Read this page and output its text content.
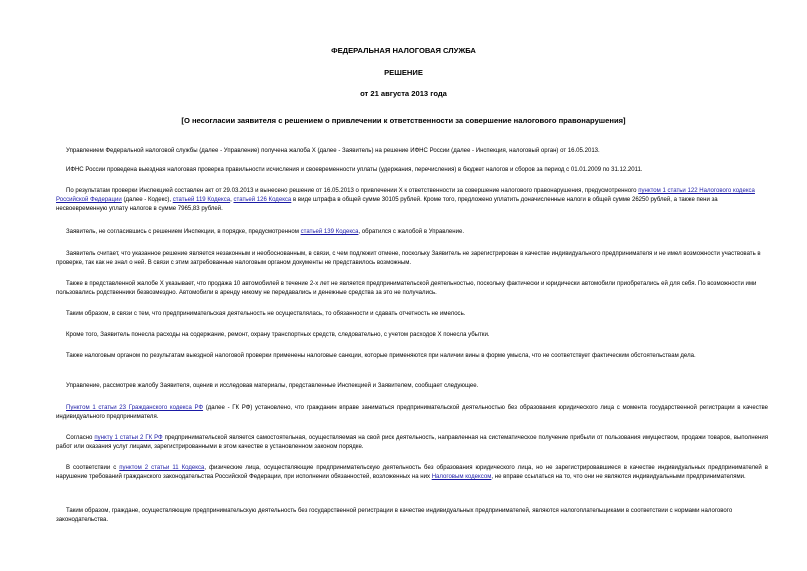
ФЕДЕРАЛЬНАЯ НАЛОГОВАЯ СЛУЖБА
РЕШЕНИЕ
от 21 августа 2013 года
[О несогласии заявителя с решением о привлечении к ответственности за совершение налогового правонарушения]

Управлением Федеральной налоговой службы (далее - Управление) получена жалоба Х (далее - Заявитель) на решение ИФНС России (далее - Инспекция, налоговый орган) от 16.05.2013.

ИФНС России проведена выездная налоговая проверка правильности исчисления и своевременности уплаты (удержания, перечисления) в бюджет налогов и сборов за период с 01.01.2009 по 31.12.2011.

По результатам проверки Инспекцией составлен акт от 29.03.2013 и вынесено решение от 16.05.2013 о привлечении Х к ответственности за совершение налогового правонарушения, предусмотренного пунктом 1 статьи 122 Налогового кодекса Российской Федерации (далее - Кодекс), статьей 119 Кодекса, статьей 126 Кодекса в виде штрафа в общей сумме 30105 рублей. Кроме того, предложено уплатить доначисленные налоги в общей сумме 26250 рублей, а также пени за несвоевременную уплату налогов в сумме 7965,83 рублей.

Заявитель, не согласившись с решением Инспекции, в порядке, предусмотренном статьей 139 Кодекса, обратился с жалобой в Управление.

Заявитель считает, что указанное решение является незаконным и необоснованным, в связи, с чем подлежит отмене, поскольку Заявитель не зарегистрирован в качестве индивидуального предпринимателя и не имел возможности участвовать в проверке, так как не знал о ней. В связи с этим затребованные налоговым органом документы не представилось возможным.

Также в представленной жалобе Х указывает, что продажа 10 автомобилей в течение 2-х лет не является предпринимательской деятельностью, поскольку фактически и юридически автомобили приобретались ей для себя. По возможности ими пользовались родственники безвозмездно. Автомобили в аренду никому не передавались и денежные средства за это не получались.

Таким образом, в связи с тем, что предпринимательская деятельность не осуществлялась, то обязанности и сдавать отчетность не имелось.

Кроме того, Заявитель понесла расходы на содержание, ремонт, охрану транспортных средств, следовательно, с учетом расходов Х понесла убытки.

Также налоговым органом по результатам выездной налоговой проверки применены налоговые санкции, которые применяются при наличии вины в форме умысла, что не соответствует фактическим обстоятельствам дела.

Управление, рассмотрев жалобу Заявителя, оценив и исследовав материалы, представленные Инспекцией и Заявителем, сообщает следующее.

Пунктом 1 статьи 23 Гражданского кодекса РФ (далее - ГК РФ) установлено, что гражданин вправе заниматься предпринимательской деятельностью без образования юридического лица с момента государственной регистрации в качестве индивидуального предпринимателя.

Согласно пункту 1 статьи 2 ГК РФ предпринимательской является самостоятельная, осуществляемая на свой риск деятельность, направленная на систематическое получение прибыли от пользования имуществом, продажи товаров, выполнения работ или оказания услуг лицами, зарегистрированными в этом качестве в установленном законом порядке.

В соответствии с пунктом 2 статьи 11 Кодекса, физические лица, осуществляющие предпринимательскую деятельность без образования юридического лица, но не зарегистрировавшиеся в качестве индивидуальных предпринимателей в нарушение требований гражданского законодательства Российской Федерации, при исполнении обязанностей, возложенных на них Налоговым кодексом, не вправе ссылаться на то, что они не являются индивидуальными предпринимателями.

Таким образом, граждане, осуществляющие предпринимательскую деятельность без государственной регистрации в качестве индивидуальных предпринимателей, являются налогоплательщиками в соответствии с нормами налогового законодательства.
